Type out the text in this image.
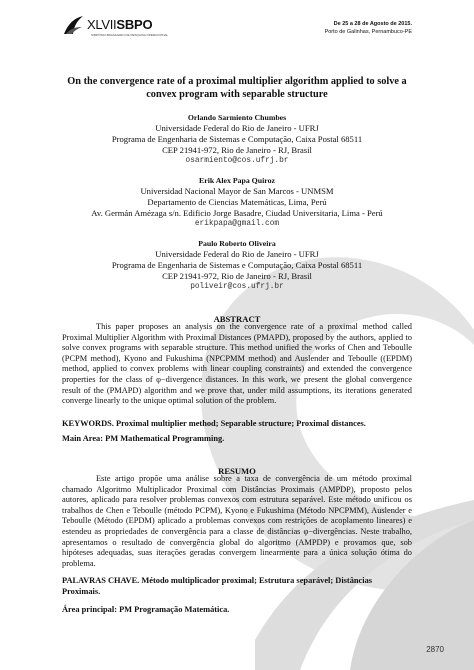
XLVIISBPO
SIMPÓSIO BRASILEIRO DE PESQUISA OPERACIONAL
De 25 a 28 de Agosto de 2015.
Porto de Galinhas, Pernambuco-PE
On the convergence rate of a proximal multiplier algorithm applied to solve a
convex program with separable structure
Orlando Sarmiento Chumbes
Universidade Federal do Rio de Janeiro - UFRJ
Programa de Engenharia de Sistemas e Computação, Caixa Postal 68511
CEP 21941-972, Rio de Janeiro - RJ, Brasil
osarmiento@cos.ufrj.br
Erik Alex Papa Quiroz
Universidad Nacional Mayor de San Marcos - UNMSM
Departamento de Ciencias Matemáticas, Lima, Perú
Av. Germán Amézaga s/n. Edificio Jorge Basadre, Ciudad Universitaria, Lima - Perú
erikpapa@gmail.com
Paulo Roberto Oliveira
Universidade Federal do Rio de Janeiro - UFRJ
Programa de Engenharia de Sistemas e Computação, Caixa Postal 68511
CEP 21941-972, Rio de Janeiro - RJ, Brasil
poliveir@cos.ufrj.br
ABSTRACT
This paper proposes an analysis on the convergence rate of a proximal method called Proximal Multiplier Algorithm with Proximal Distances (PMAPD), proposed by the authors, applied to solve convex programs with separable structure. This method unified the works of Chen and Teboulle (PCPM method), Kyono and Fukushima (NPCPMM method) and Auslender and Teboulle ((EPDM) method, applied to convex problems with linear coupling constraints) and extended the convergence properties for the class of φ−divergence distances. In this work, we present the global convergence result of the (PMAPD) algorithm and we prove that, under mild assumptions, its iterations generated converge linearly to the unique optimal solution of the problem.
KEYWORDS. Proximal multiplier method; Separable structure; Proximal distances.
Main Area: PM Mathematical Programming.
RESUMO
Este artigo propõe uma análise sobre a taxa de convergência de um método proximal chamado Algoritmo Multiplicador Proximal com Distâncias Proximais (AMPDP), proposto pelos autores, aplicado para resolver problemas convexos com estrutura separável. Este método unificou os trabalhos de Chen e Teboulle (método PCPM), Kyono e Fukushima (Método NPCPMM), Auslender e Teboulle (Método (EPDM) aplicado a problemas convexos com restrições de acoplamento lineares) e estendeu as propriedades de convergência para a classe de distâncias φ−divergências. Neste trabalho, apresentamos o resultado de convergência global do algoritmo (AMPDP) e provamos que, sob hipóteses adequadas, suas iterações geradas convergem linearmente para a única solução ótima do problema.
PALAVRAS CHAVE. Método multiplicador proximal; Estrutura separável; Distâncias Proximais.
Área principal: PM Programação Matemática.
2870
